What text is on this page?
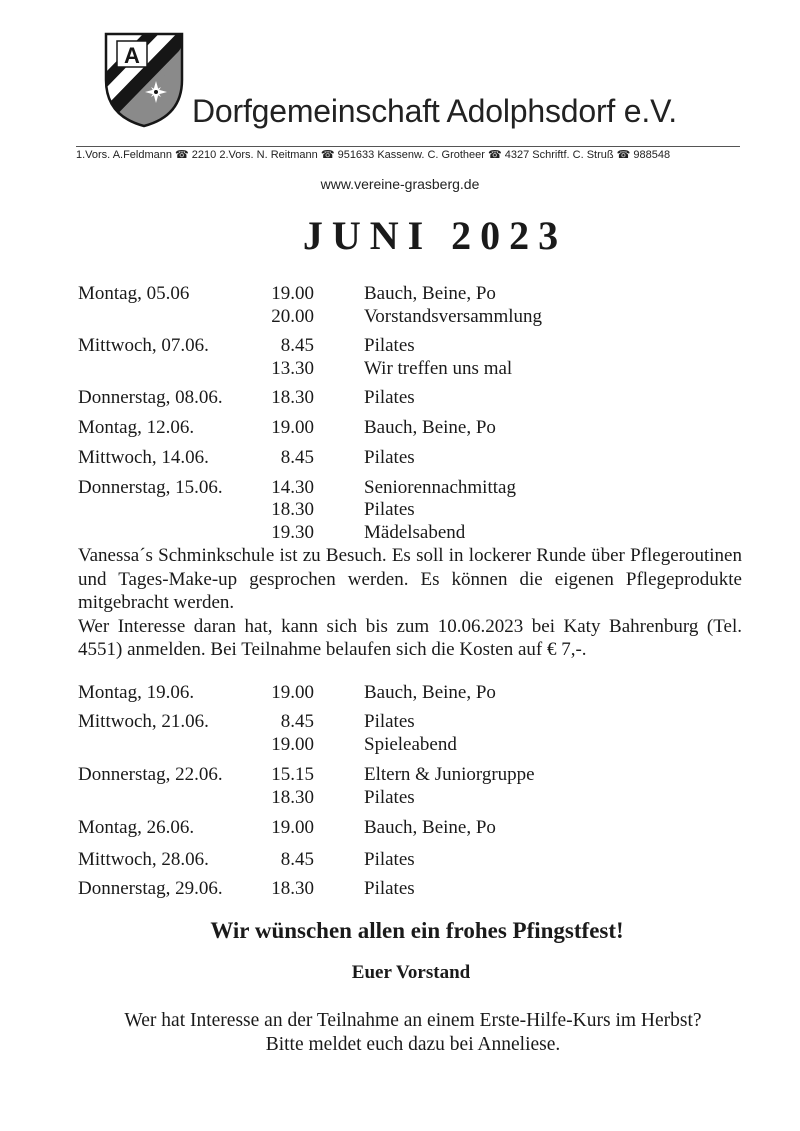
A
Dorfgemeinschaft Adolphsdorf e.V.
1.Vors. A.Feldmann ☎ 2210 2.Vors. N. Reitmann ☎ 951633 Kassenw. C. Grotheer ☎ 4327 Schriftf. C. Struß ☎ 988548
www.vereine-grasberg.de
JUNI 2023
Montag, 05.06	19.00	Bauch, Beine, Po
20.00	Vorstandsversammlung
Mittwoch, 07.06.	8.45	Pilates
13.30	Wir treffen uns mal
Donnerstag, 08.06.	18.30	Pilates
Montag, 12.06.	19.00	Bauch, Beine, Po
Mittwoch, 14.06.	8.45	Pilates
Donnerstag, 15.06.	14.30	Seniorennachmittag
18.30	Pilates
19.30	Mädelsabend

Vanessa´s Schminkschule ist zu Besuch. Es soll in lockerer Runde über Pflegeroutinen und Tages-Make-up gesprochen werden. Es können die eigenen Pflegeprodukte mitgebracht werden.

Wer Interesse daran hat, kann sich bis zum 10.06.2023 bei Katy Bahrenburg (Tel. 4551) anmelden. Bei Teilnahme belaufen sich die Kosten auf € 7,-.

Montag, 19.06.	19.00	Bauch, Beine, Po
Mittwoch, 21.06.	8.45	Pilates
19.00	Spieleabend
Donnerstag, 22.06.	15.15	Eltern & Juniorgruppe
18.30	Pilates
Montag, 26.06.	19.00	Bauch, Beine, Po
Mittwoch, 28.06.	8.45	Pilates
Donnerstag, 29.06.	18.30	Pilates
Wir wünschen allen ein frohes Pfingstfest!
Euer Vorstand
Wer hat Interesse an der Teilnahme an einem Erste-Hilfe-Kurs im Herbst?
Bitte meldet euch dazu bei Anneliese.
